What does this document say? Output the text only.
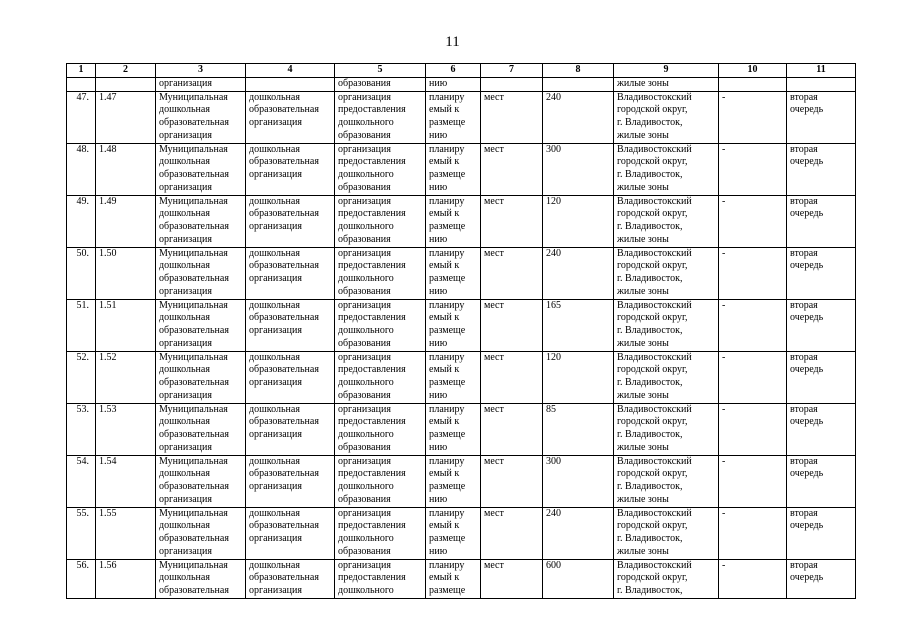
11
1	2	3	4	5	6	7	8	9	10	11
		организация		образования	нию			жилые зоны		
47.	1.47	Муниципальная
дошкольная
образовательная
организация	дошкольная
образовательная
организация	организация
предоставления
дошкольного
образования	планиру
емый к
размеще
нию	мест	240	Владивостокский
городской округ,
г. Владивосток,
жилые зоны	-	вторая
очередь
48.	1.48	Муниципальная
дошкольная
образовательная
организация	дошкольная
образовательная
организация	организация
предоставления
дошкольного
образования	планиру
емый к
размеще
нию	мест	300	Владивостокский
городской округ,
г. Владивосток,
жилые зоны	-	вторая
очередь
49.	1.49	Муниципальная
дошкольная
образовательная
организация	дошкольная
образовательная
организация	организация
предоставления
дошкольного
образования	планиру
емый к
размеще
нию	мест	120	Владивостокский
городской округ,
г. Владивосток,
жилые зоны	-	вторая
очередь
50.	1.50	Муниципальная
дошкольная
образовательная
организация	дошкольная
образовательная
организация	организация
предоставления
дошкольного
образования	планиру
емый к
размеще
нию	мест	240	Владивостокский
городской округ,
г. Владивосток,
жилые зоны	-	вторая
очередь
51.	1.51	Муниципальная
дошкольная
образовательная
организация	дошкольная
образовательная
организация	организация
предоставления
дошкольного
образования	планиру
емый к
размеще
нию	мест	165	Владивостокский
городской округ,
г. Владивосток,
жилые зоны	-	вторая
очередь
52.	1.52	Муниципальная
дошкольная
образовательная
организация	дошкольная
образовательная
организация	организация
предоставления
дошкольного
образования	планиру
емый к
размеще
нию	мест	120	Владивостокский
городской округ,
г. Владивосток,
жилые зоны	-	вторая
очередь
53.	1.53	Муниципальная
дошкольная
образовательная
организация	дошкольная
образовательная
организация	организация
предоставления
дошкольного
образования	планиру
емый к
размеще
нию	мест	85	Владивостокский
городской округ,
г. Владивосток,
жилые зоны	-	вторая
очередь
54.	1.54	Муниципальная
дошкольная
образовательная
организация	дошкольная
образовательная
организация	организация
предоставления
дошкольного
образования	планиру
емый к
размеще
нию	мест	300	Владивостокский
городской округ,
г. Владивосток,
жилые зоны	-	вторая
очередь
55.	1.55	Муниципальная
дошкольная
образовательная
организация	дошкольная
образовательная
организация	организация
предоставления
дошкольного
образования	планиру
емый к
размеще
нию	мест	240	Владивостокский
городской округ,
г. Владивосток,
жилые зоны	-	вторая
очередь
56.	1.56	Муниципальная
дошкольная
образовательная	дошкольная
образовательная
организация	организация
предоставления
дошкольного	планиру
емый к
размеще	мест	600	Владивостокский
городской округ,
г. Владивосток,	-	вторая
очередь
